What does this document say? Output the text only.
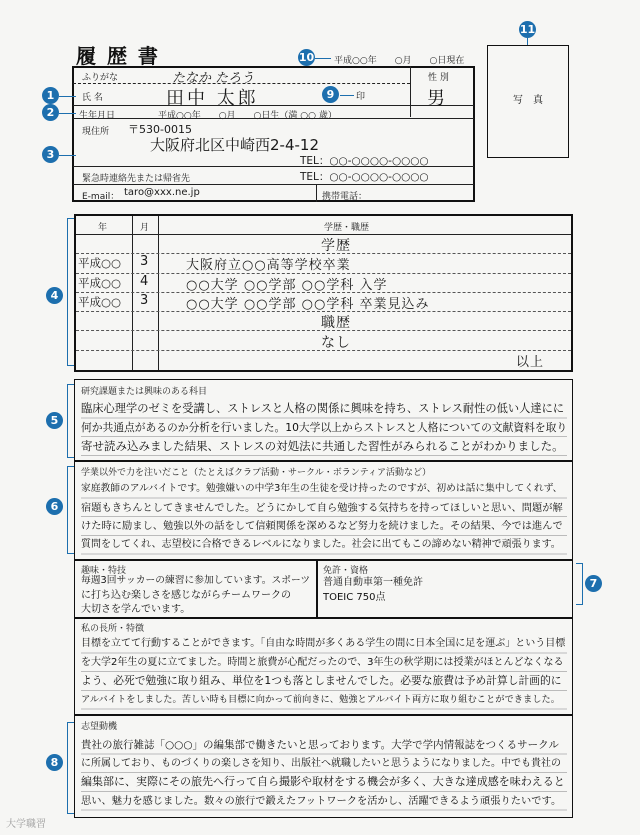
履 歴 書	10 平成○○年　　○月　　○日現在
11
写　真
ふりがな	たなか たろう	性 別
1	氏 名	田中 太郎	9	印	男
2	生年月日	平成○○年　　○月　　○日生（満 ○○ 歳）
3
現住所 〒530-0015
大阪府北区中崎西2-4-12
TEL：○○-○○○○-○○○○
緊急時連絡先または帰省先	TEL：○○-○○○○-○○○○
E-mail： taro@xxx.ne.jp	携帯電話：
4
年	月	学歴・職歴
学歴
平成○○ 3	大阪府立○○高等学校卒業
平成○○ 4	○○大学 ○○学部 ○○学科 入学
平成○○ 3	○○大学 ○○学部 ○○学科 卒業見込み
職歴
なし
以上
5
研究課題または興味のある科目
臨床心理学のゼミを受講し、ストレスと人格の関係に興味を持ち、ストレス耐性の低い人達にに
何か共通点があるのか分析を行いました。10大学以上からストレスと人格についての文献資料を取り
寄せ読み込みました結果、ストレスの対処法に共通した習性がみられることがわかりました。
6
学業以外で力を注いだこと（たとえばクラブ活動・サークル・ボランティア活動など）
家庭教師のアルバイトです。勉強嫌いの中学3年生の生徒を受け持ったのですが、初めは話に集中してくれず、
宿題もきちんとしてきませんでした。どうにかして自ら勉強する気持ちを持ってほしいと思い、問題が解
けた時に励まし、勉強以外の話をして信頼関係を深めるなど努力を続けました。その結果、今では進んで
質問をしてくれ、志望校に合格できるレベルになりました。社会に出てもこの諦めない精神で頑張ります。
趣味・特技
毎週3回サッカーの練習に参加しています。スポーツ
に打ち込む楽しさを感じながらチームワークの
大切さを学んでいます。
免許・資格
普通自動車第一種免許
TOEIC 750点
7
私の長所・特徴
目標を立てて行動することができます。「自由な時間が多くある学生の間に日本全国に足を運ぶ」という目標
を大学2年生の夏に立てました。時間と旅費が心配だったので、3年生の秋学期には授業がほとんどなくなる
よう、必死で勉強に取り組み、単位を1つも落としませんでした。必要な旅費は予め計算し計画的に
アルバイトをしました。苦しい時も目標に向かって前向きに、勉強とアルバイト両方に取り組むことができました。
8
志望動機
貴社の旅行雑誌「○○○」の編集部で働きたいと思っております。大学で学内情報誌をつくるサークル
に所属しており、ものづくりの楽しさを知り、出版社へ就職したいと思うようになりました。中でも貴社の
編集部に、実際にその旅先へ行って自ら撮影や取材をする機会が多く、大きな達成感を味わえると
思い、魅力を感じました。数々の旅行で鍛えたフットワークを活かし、活躍できるよう頑張りたいです。
大学職習
